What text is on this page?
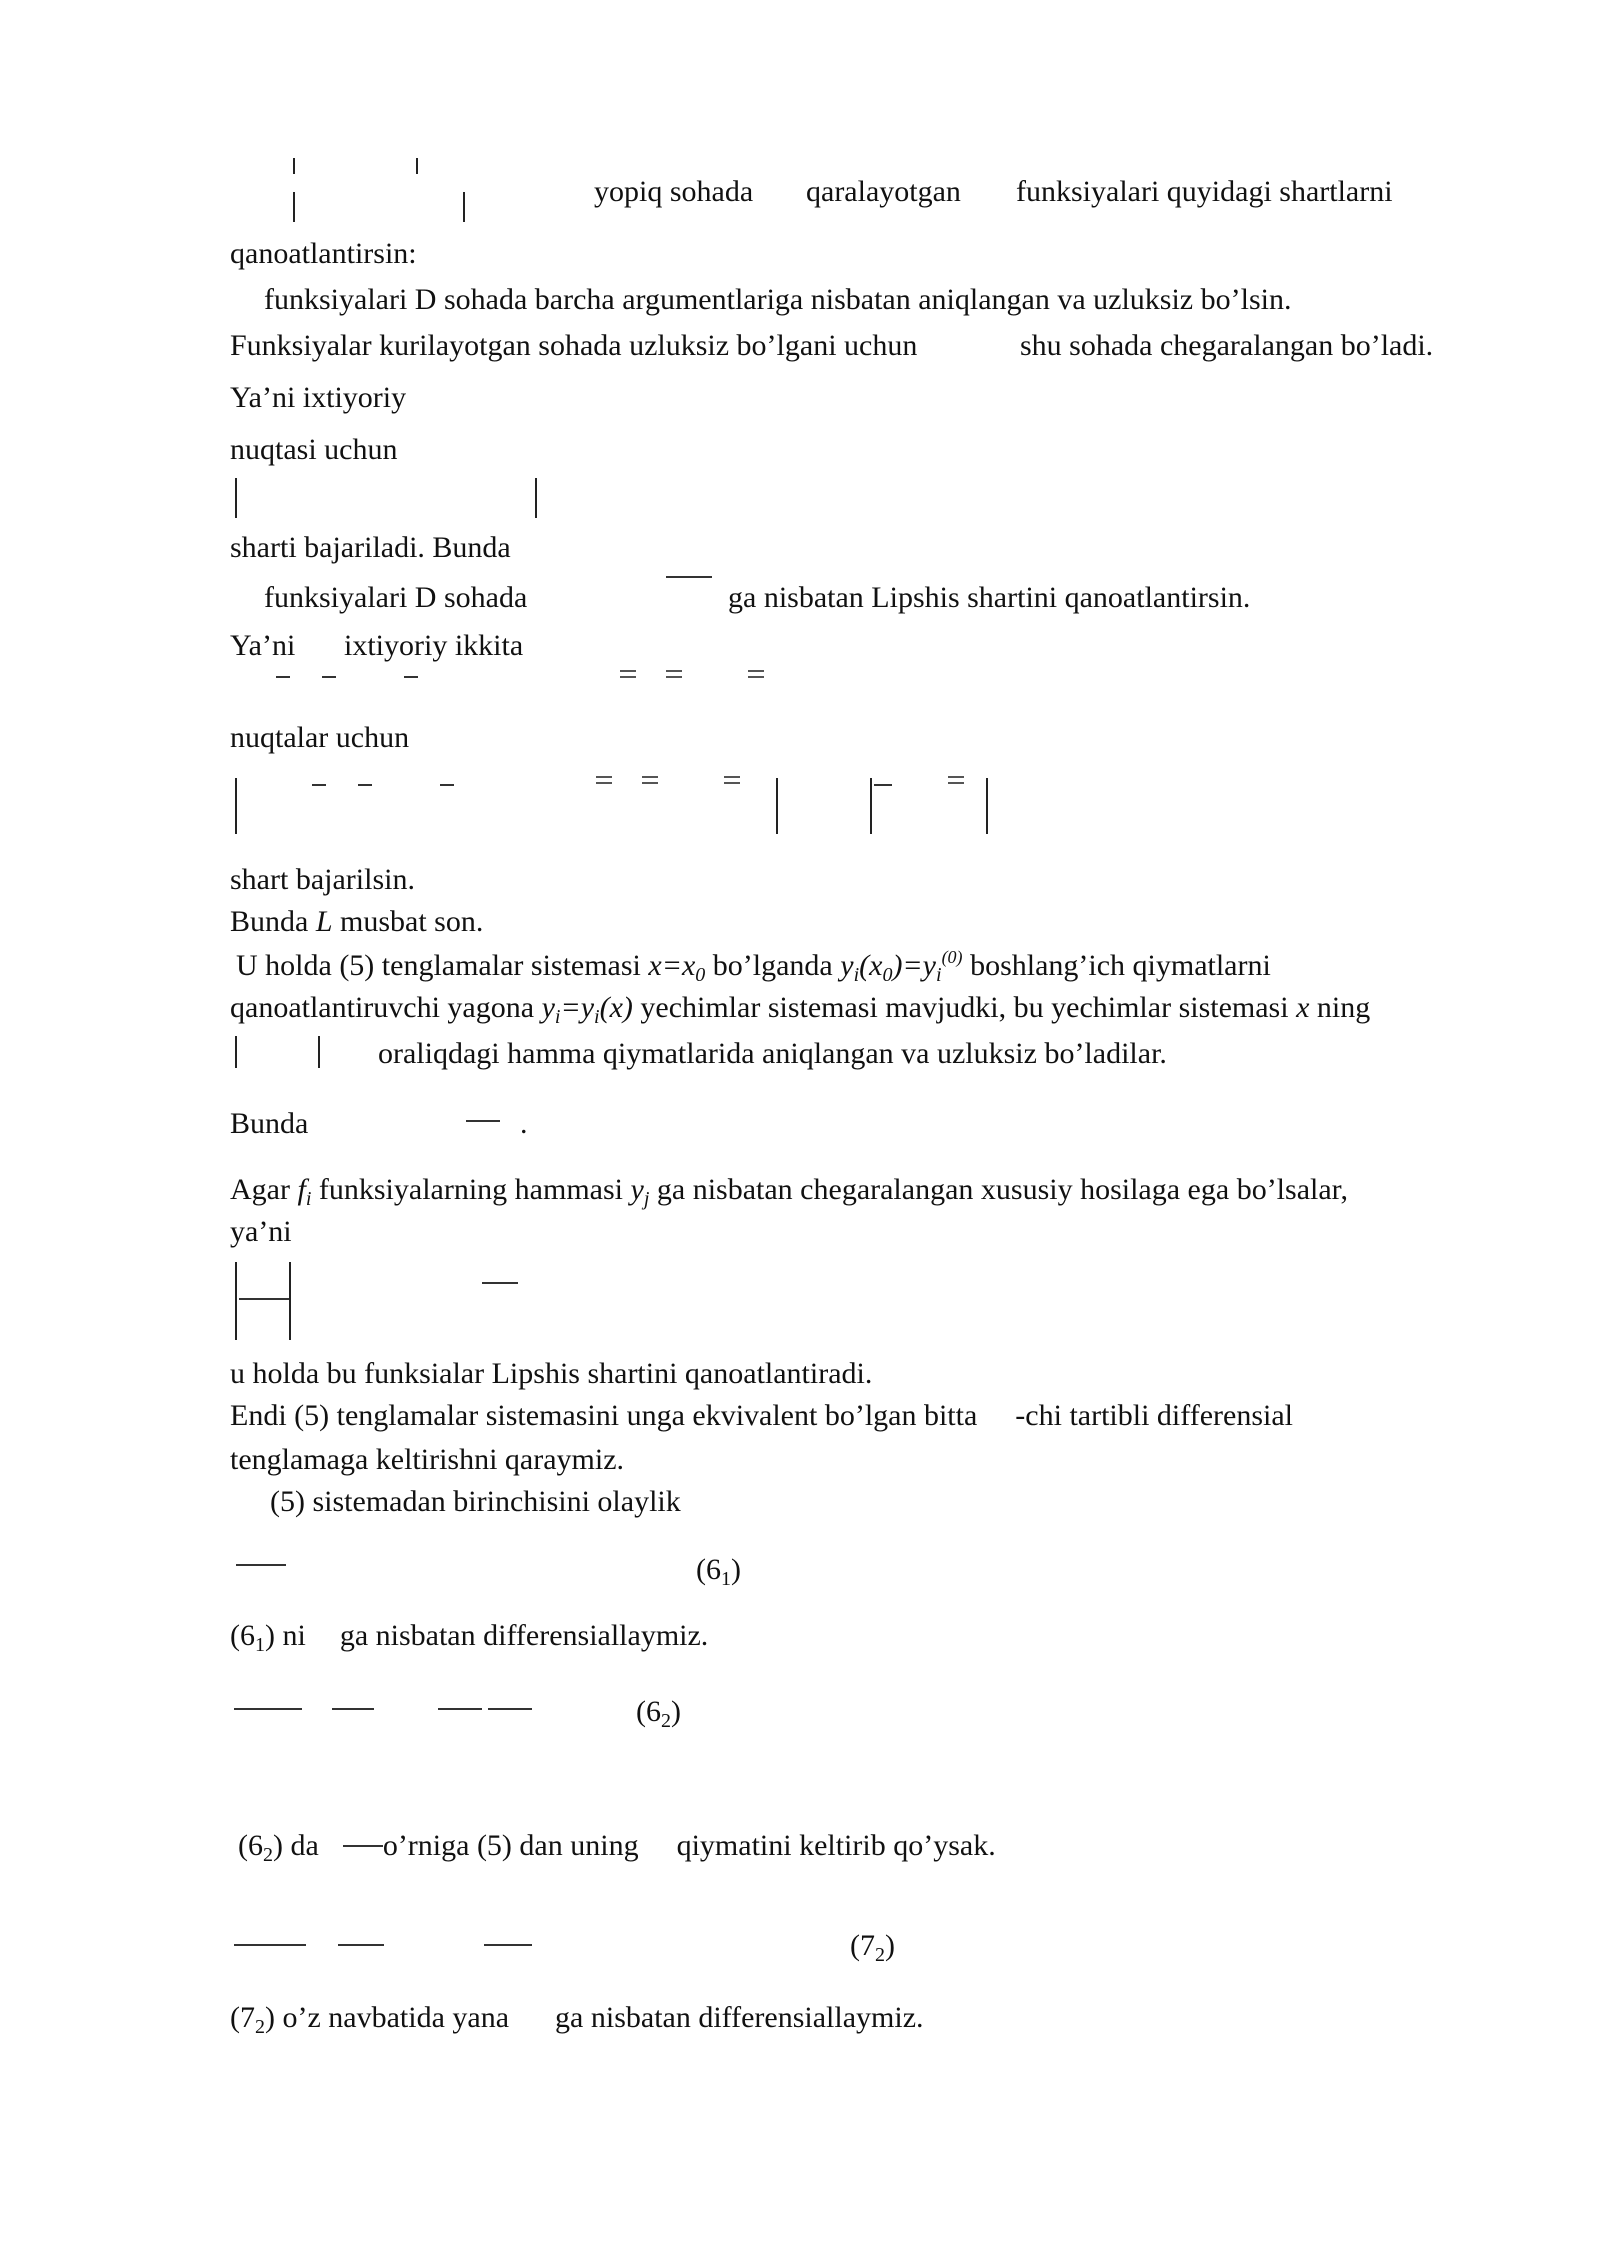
yopiq sohada qaralayotgan funksiyalari quyidagi shartlarni

qanoatlantirsin:

funksiyalari D sohada barcha argumentlariga nisbatan aniqlangan va uzluksiz bo’lsin.

Funksiyalar kurilayotgan sohada uzluksiz bo’lgani uchun	shu sohada chegaralangan bo’ladi.

Ya’ni ixtiyoriy

nuqtasi uchun

sharti bajariladi. Bunda

funksiyalari D sohada	ga nisbatan Lipshis shartini qanoatlantirsin.

Ya’ni ixtiyoriy ikkita

nuqtalar uchun

shart bajarilsin.

Bunda L musbat son.

U holda (5) tenglamalar sistemasi $x=x_0$ bo’lganda $y_i(x_0)=y_i^{(0)}$ boshlang’ich qiymatlarni

qanoatlantiruvchi yagona $y_i=y_i(x)$ yechimlar sistemasi mavjudki, bu yechimlar sistemasi x ning

oraliqdagi hamma qiymatlarida aniqlangan va uzluksiz bo’ladilar.

Bunda	.

Agar $f_i$ funksiyalarning hammasi $y_j$ ga nisbatan chegaralangan xususiy hosilaga ega bo’lsalar,

ya’ni

u holda bu funksialar Lipshis shartini qanoatlantiradi.

Endi (5) tenglamalar sistemasini unga ekvivalent bo’lgan bitta -chi tartibli differensial

tenglamaga keltirishni qaraymiz.

(5) sistemadan birinchisini olaylik

$(6_1)$

$(6_1)$ ni ga nisbatan differensiallaymiz.

$(6_2)$

$(6_2)$ da o’rniga (5) dan uning qiymatini keltirib qo’ysak.

$(7_2)$

$(7_2)$ o’z navbatida yana ga nisbatan differensiallaymiz.
